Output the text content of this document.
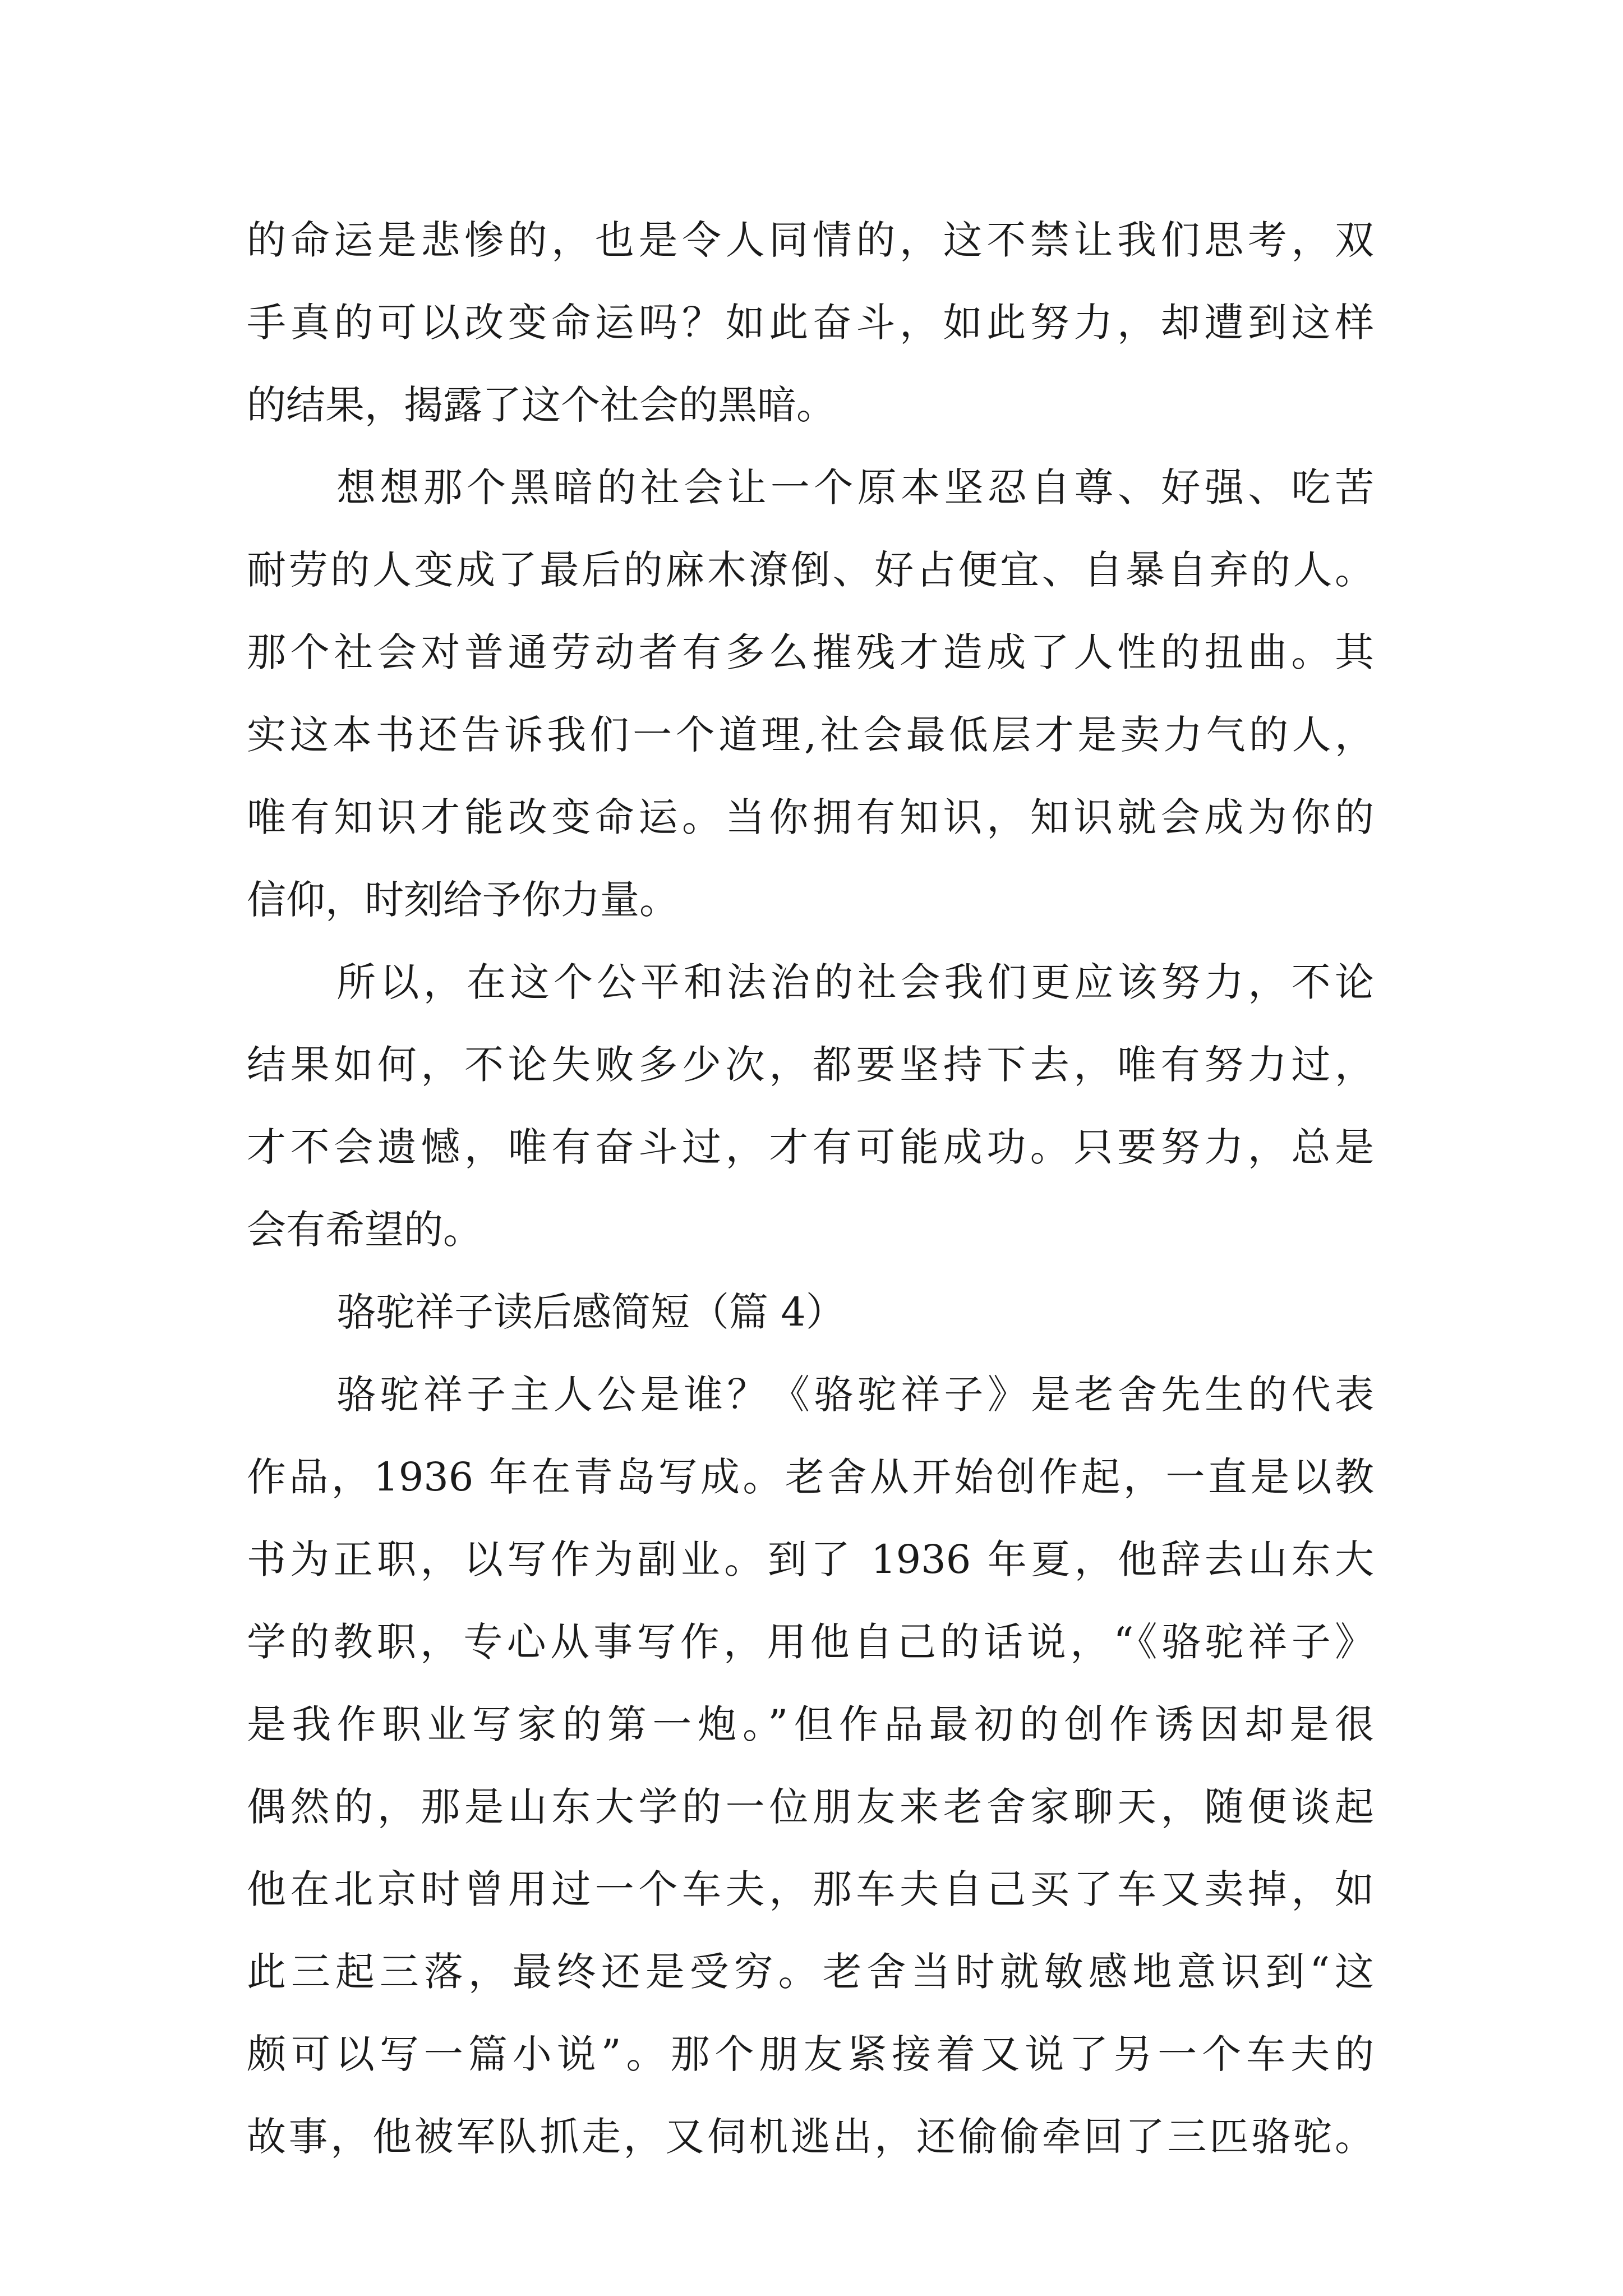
的命运是悲惨的，也是令人同情的，这不禁让我们思考，双
手真的可以改变命运吗？如此奋斗，如此努力，却遭到这样
的结果，揭露了这个社会的黑暗。
想想那个黑暗的社会让一个原本坚忍自尊、好强、吃苦
耐劳的人变成了最后的麻木潦倒、好占便宜、自暴自弃的人。
那个社会对普通劳动者有多么摧残才造成了人性的扭曲。其
实这本书还告诉我们一个道理,社会最低层才是卖力气的人，
唯有知识才能改变命运。当你拥有知识，知识就会成为你的
信仰，时刻给予你力量。
所以，在这个公平和法治的社会我们更应该努力，不论
结果如何，不论失败多少次，都要坚持下去，唯有努力过，
才不会遗憾，唯有奋斗过，才有可能成功。只要努力，总是
会有希望的。
骆驼祥子读后感简短（篇 4）
骆驼祥子主人公是谁？《骆驼祥子》是老舍先生的代表
作品，1936 年在青岛写成。老舍从开始创作起，一直是以教
书为正职，以写作为副业。到了 1936 年夏，他辞去山东大
学的教职，专心从事写作，用他自己的话说，“《骆驼祥子》
是我作职业写家的第一炮。”但作品最初的创作诱因却是很
偶然的，那是山东大学的一位朋友来老舍家聊天，随便谈起
他在北京时曾用过一个车夫，那车夫自己买了车又卖掉，如
此三起三落，最终还是受穷。老舍当时就敏感地意识到“这
颇可以写一篇小说”。那个朋友紧接着又说了另一个车夫的
故事，他被军队抓走，又伺机逃出，还偷偷牵回了三匹骆驼。
